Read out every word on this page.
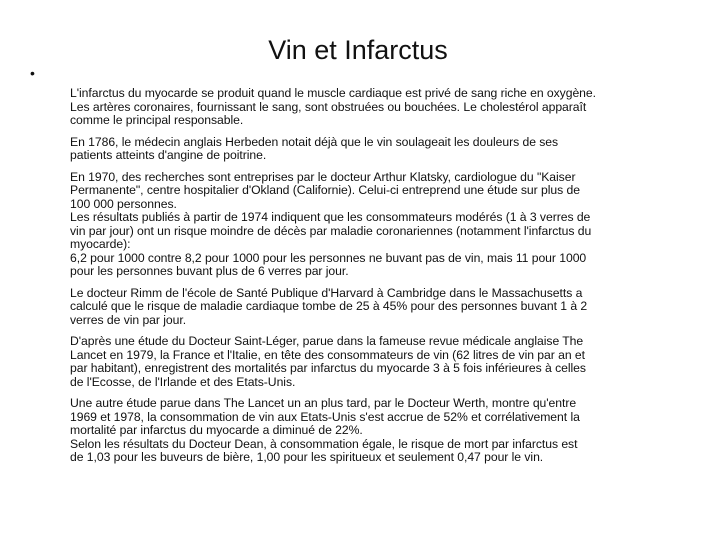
Vin et Infarctus
•

L'infarctus du myocarde se produit quand le muscle cardiaque est privé de sang riche en oxygène.
Les artères coronaires, fournissant le sang, sont obstruées ou bouchées. Le cholestérol apparaît
comme le principal responsable.

En 1786, le médecin anglais Herbeden notait déjà que le vin soulageait les douleurs de ses
patients atteints d'angine de poitrine.

En 1970, des recherches sont entreprises par le docteur Arthur Klatsky, cardiologue du "Kaiser
Permanente", centre hospitalier d'Okland (Californie). Celui-ci entreprend une étude sur plus de
100 000 personnes.
Les résultats publiés à partir de 1974 indiquent que les consommateurs modérés (1 à 3 verres de
vin par jour) ont un risque moindre de décès par maladie coronariennes (notamment l'infarctus du
myocarde):
6,2 pour 1000 contre 8,2 pour 1000 pour les personnes ne buvant pas de vin, mais 11 pour 1000
pour les personnes buvant plus de 6 verres par jour.

Le docteur Rimm de l'école de Santé Publique d'Harvard à Cambridge dans le Massachusetts a
calculé que le risque de maladie cardiaque tombe de 25 à 45% pour des personnes buvant 1 à 2
verres de vin par jour.

D'après une étude du Docteur Saint-Léger, parue dans la fameuse revue médicale anglaise The
Lancet en 1979, la France et l'Italie, en tête des consommateurs de vin (62 litres de vin par an et
par habitant), enregistrent des mortalités par infarctus du myocarde 3 à 5 fois inférieures à celles
de l'Ecosse, de l'Irlande et des Etats-Unis.

Une autre étude parue dans The Lancet un an plus tard, par le Docteur Werth, montre qu'entre
1969 et 1978, la consommation de vin aux Etats-Unis s'est accrue de 52% et corrélativement la
mortalité par infarctus du myocarde a diminué de 22%.
Selon les résultats du Docteur Dean, à consommation égale, le risque de mort par infarctus est
de 1,03 pour les buveurs de bière, 1,00 pour les spiritueux et seulement 0,47 pour le vin.
